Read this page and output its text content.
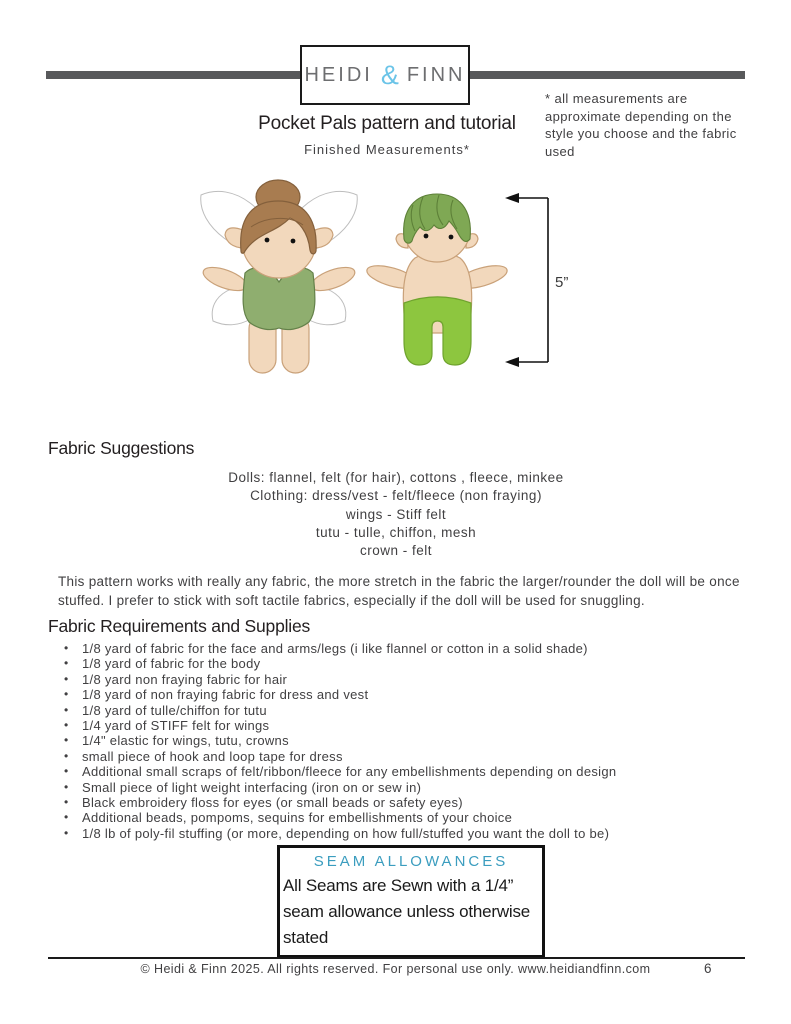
HEIDI & FINN
* all measurements are approximate depending on the style you choose and the fabric used
Pocket Pals pattern and tutorial
Finished Measurements*
5”
Fabric Suggestions
Dolls: flannel, felt (for hair), cottons , fleece, minkee
Clothing: dress/vest - felt/fleece (non fraying)
wings - Stiff felt
tutu - tulle, chiffon, mesh
crown - felt
This pattern works with really any fabric, the more stretch in the fabric the larger/rounder the doll will be once stuffed. I prefer to stick with soft tactile fabrics, especially if the doll will be used for snuggling.
Fabric Requirements and Supplies
• 1/8 yard of fabric for the face and arms/legs (i like flannel or cotton in a solid shade)
• 1/8 yard of fabric for the body
• 1/8 yard non fraying fabric for hair
• 1/8 yard of non fraying fabric for dress and vest
• 1/8 yard of tulle/chiffon for tutu
• 1/4 yard of STIFF felt for wings
• 1/4" elastic for wings, tutu, crowns
• small piece of hook and loop tape for dress
• Additional small scraps of felt/ribbon/fleece for any embellishments depending on design
• Small piece of light weight interfacing (iron on or sew in)
• Black embroidery floss for eyes (or small beads or safety eyes)
• Additional beads, pompoms, sequins for embellishments of your choice
• 1/8 lb of poly-fil stuffing (or more, depending on how full/stuffed you want the doll to be)
SEAM ALLOWANCES
All Seams are Sewn with a 1/4” seam allowance unless otherwise stated
© Heidi & Finn 2025. All rights reserved. For personal use only. www.heidiandfinn.com	6
